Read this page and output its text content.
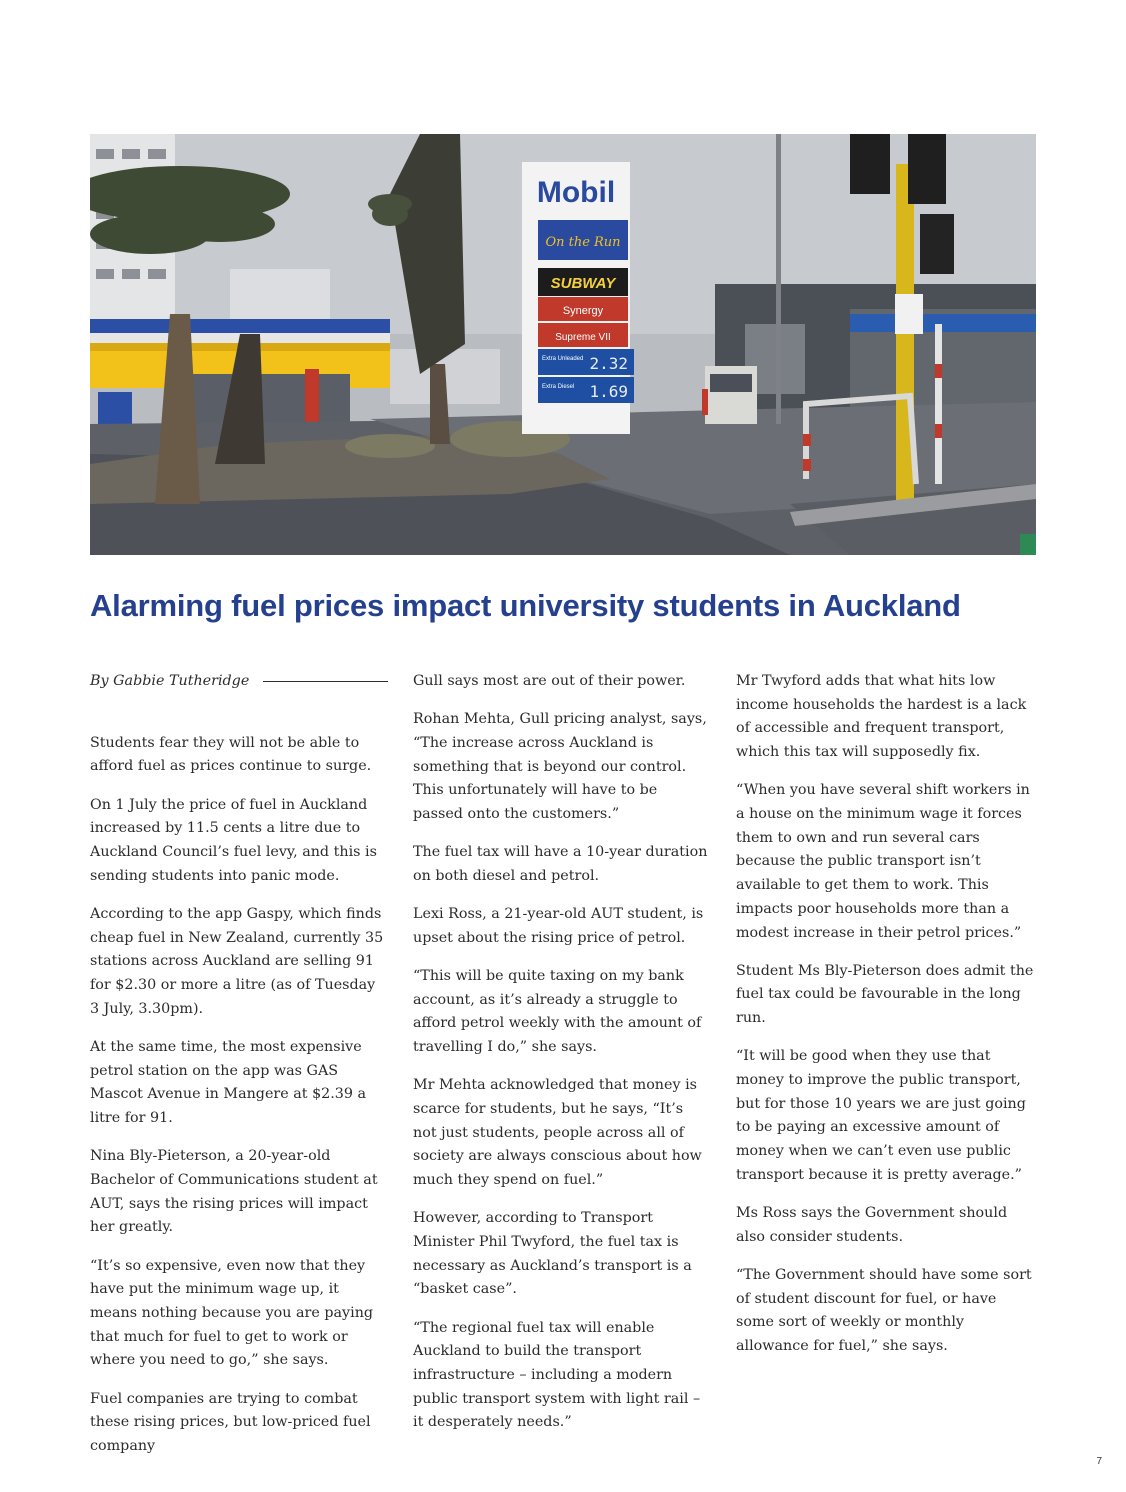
Mobil
On the Run
SUBWAY
Synergy
Supreme VII
Extra Unleaded 2.32
Extra Diesel 1.69
Alarming fuel prices impact university students in Auckland
By Gabbie Tutheridge

Students fear they will not be able to afford fuel as prices continue to surge.

On 1 July the price of fuel in Auckland increased by 11.5 cents a litre due to Auckland Council’s fuel levy, and this is sending students into panic mode.

According to the app Gaspy, which finds cheap fuel in New Zealand, currently 35 stations across Auckland are selling 91 for $2.30 or more a litre (as of Tuesday 3 July, 3.30pm).

At the same time, the most expensive petrol station on the app was GAS Mascot Avenue in Mangere at $2.39 a litre for 91.

Nina Bly-Pieterson, a 20-year-old Bachelor of Communications student at AUT, says the rising prices will impact her greatly.

“It’s so expensive, even now that they have put the minimum wage up, it means nothing because you are paying that much for fuel to get to work or where you need to go,” she says.

Fuel companies are trying to combat these rising prices, but low-priced fuel company

Gull says most are out of their power.

Rohan Mehta, Gull pricing analyst, says, “The increase across Auckland is something that is beyond our control. This unfortunately will have to be passed onto the customers.”

The fuel tax will have a 10-year duration on both diesel and petrol.

Lexi Ross, a 21-year-old AUT student, is upset about the rising price of petrol.

“This will be quite taxing on my bank account, as it’s already a struggle to afford petrol weekly with the amount of travelling I do,” she says.

Mr Mehta acknowledged that money is scarce for students, but he says, “It’s not just students, people across all of society are always conscious about how much they spend on fuel.”

However, according to Transport Minister Phil Twyford, the fuel tax is necessary as Auckland’s transport is a “basket case”.

“The regional fuel tax will enable Auckland to build the transport infrastructure – including a modern public transport system with light rail – it desperately needs.”

Mr Twyford adds that what hits low income households the hardest is a lack of accessible and frequent transport, which this tax will supposedly fix.

“When you have several shift workers in a house on the minimum wage it forces them to own and run several cars because the public transport isn’t available to get them to work. This impacts poor households more than a modest increase in their petrol prices.”

Student Ms Bly-Pieterson does admit the fuel tax could be favourable in the long run.

“It will be good when they use that money to improve the public transport, but for those 10 years we are just going to be paying an excessive amount of money when we can’t even use public transport because it is pretty average.”

Ms Ross says the Government should also consider students.

“The Government should have some sort of student discount for fuel, or have some sort of weekly or monthly allowance for fuel,” she says.

7
